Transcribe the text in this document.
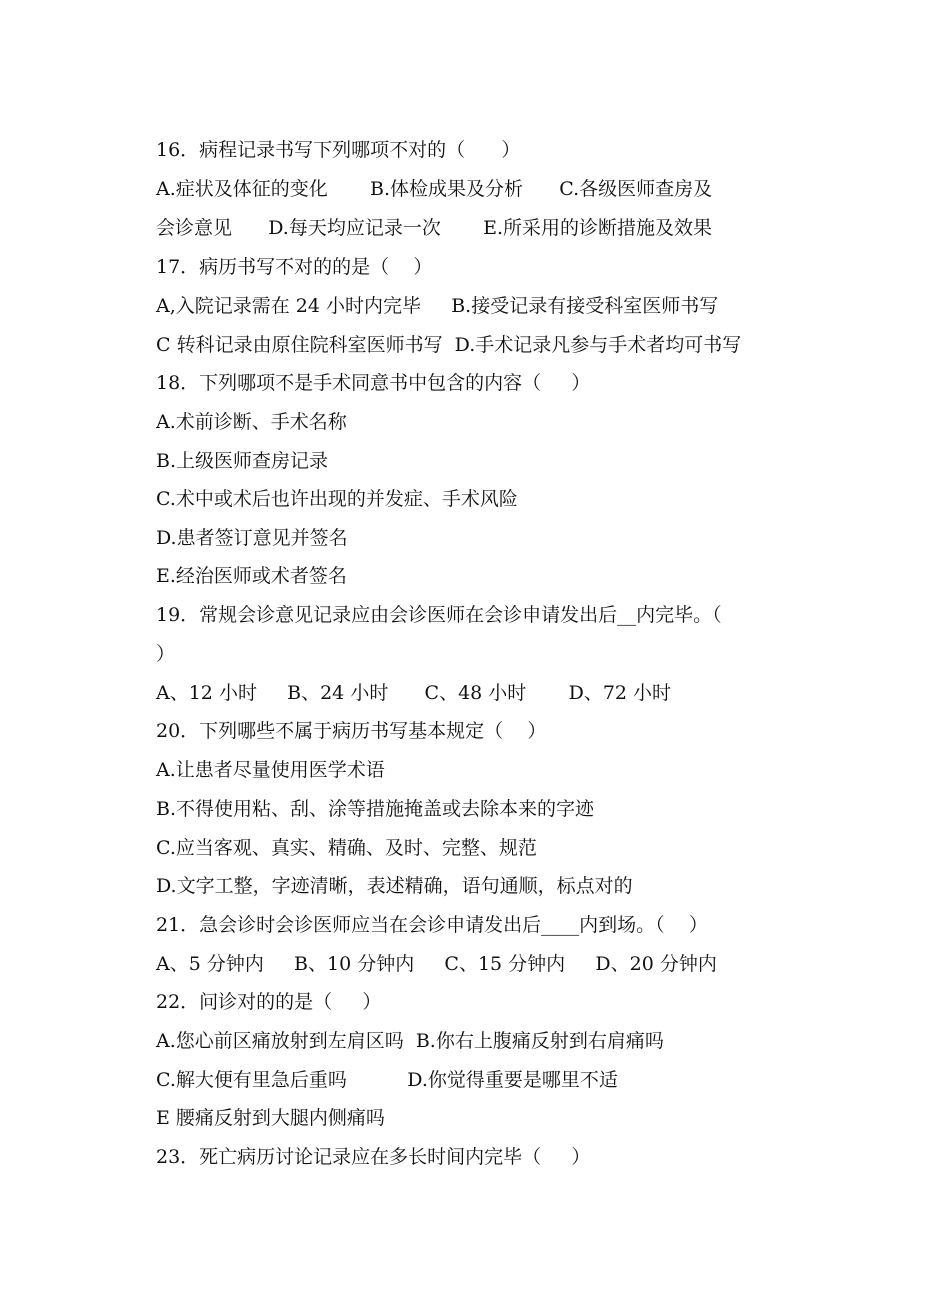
16．病程记录书写下列哪项不对的（      ）
A.症状及体征的变化       B.体检成果及分析      C.各级医师查房及
会诊意见      D.每天均应记录一次       E.所采用的诊断措施及效果
17．病历书写不对的的是（    ）
A,入院记录需在 24 小时内完毕     B.接受记录有接受科室医师书写
C 转科记录由原住院科室医师书写  D.手术记录凡参与手术者均可书写
18．下列哪项不是手术同意书中包含的内容（     ）
A.术前诊断、手术名称
B.上级医师查房记录
C.术中或术后也许出现的并发症、手术风险
D.患者签订意见并签名
E.经治医师或术者签名
19．常规会诊意见记录应由会诊医师在会诊申请发出后__内完毕。（
）
A、12 小时     B、24 小时      C、48 小时       D、72 小时
20．下列哪些不属于病历书写基本规定（    ）
A.让患者尽量使用医学术语
B.不得使用粘、刮、涂等措施掩盖或去除本来的字迹
C.应当客观、真实、精确、及时、完整、规范
D.文字工整，字迹清晰，表述精确，语句通顺，标点对的
21．急会诊时会诊医师应当在会诊申请发出后____内到场。（    ）
A、5 分钟内     B、10 分钟内     C、15 分钟内     D、20 分钟内
22．问诊对的的是（     ）
A.您心前区痛放射到左肩区吗  B.你右上腹痛反射到右肩痛吗
C.解大便有里急后重吗          D.你觉得重要是哪里不适
E 腰痛反射到大腿内侧痛吗
23．死亡病历讨论记录应在多长时间内完毕（     ）
